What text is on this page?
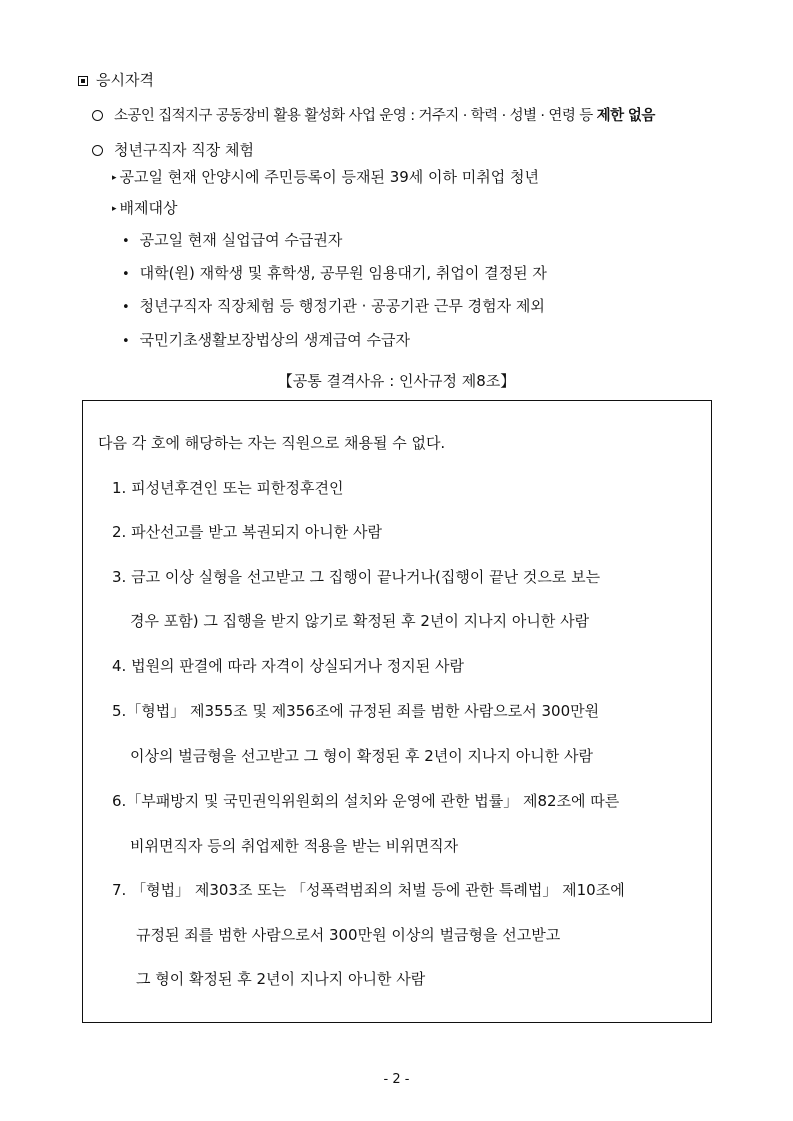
응시자격
소공인 집적지구 공동장비 활용 활성화 사업 운영 : 거주지 · 학력 · 성별 · 연령 등 제한 없음
청년구직자 직장 체험
▸ 공고일 현재 안양시에 주민등록이 등재된 39세 이하 미취업 청년
▸ 배제대상
• 공고일 현재 실업급여 수급권자
• 대학(원) 재학생 및 휴학생, 공무원 임용대기, 취업이 결정된 자
• 청년구직자 직장체험 등 행정기관 · 공공기관 근무 경험자 제외
• 국민기초생활보장법상의 생계급여 수급자
【공통 결격사유 : 인사규정 제8조】
다음 각 호에 해당하는 자는 직원으로 채용될 수 없다.
1. 피성년후견인 또는 피한정후견인
2. 파산선고를 받고 복권되지 아니한 사람
3. 금고 이상 실형을 선고받고 그 집행이 끝나거나(집행이 끝난 것으로 보는
경우 포함) 그 집행을 받지 않기로 확정된 후 2년이 지나지 아니한 사람
4. 법원의 판결에 따라 자격이 상실되거나 정지된 사람
5.「형법」 제355조 및 제356조에 규정된 죄를 범한 사람으로서 300만원
이상의 벌금형을 선고받고 그 형이 확정된 후 2년이 지나지 아니한 사람
6.「부패방지 및 국민권익위원회의 설치와 운영에 관한 법률」 제82조에 따른
비위면직자 등의 취업제한 적용을 받는 비위면직자
7. 「형법」 제303조 또는 「성폭력범죄의 처벌 등에 관한 특례법」 제10조에
규정된 죄를 범한 사람으로서 300만원 이상의 벌금형을 선고받고
그 형이 확정된 후 2년이 지나지 아니한 사람
- 2 -
